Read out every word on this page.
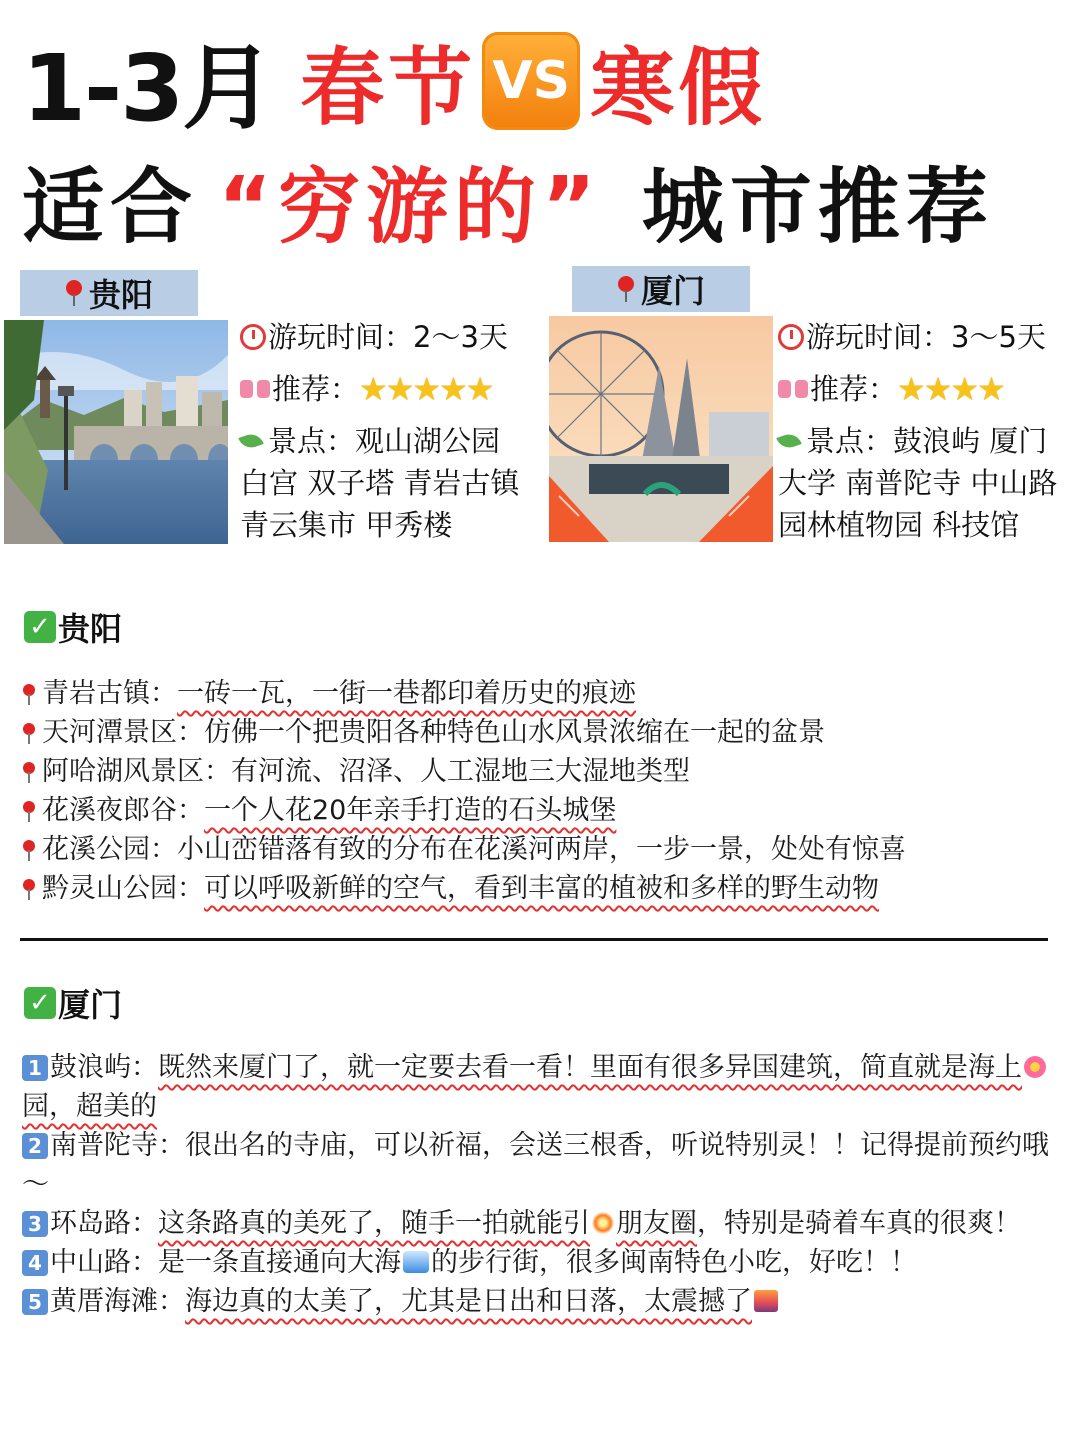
1-3月 春节 VS 寒假
适合 “穷游的” 城市推荐
贵阳
游玩时间：2～3天
推荐： ★★★★★
景点：观山湖公园
白宫 双子塔 青岩古镇
青云集市 甲秀楼
厦门
游玩时间：3～5天
推荐： ★★★★
景点：鼓浪屿 厦门
大学 南普陀寺 中山路
园林植物园 科技馆
✓ 贵阳
青岩古镇： 一砖一瓦，一街一巷都印着历史的痕迹
天河潭景区： 仿佛一个把贵阳各种特色山水风景浓缩在一起的盆景
阿哈湖风景区： 有河流、沼泽、人工湿地三大湿地类型
花溪夜郎谷： 一个人花20年亲手打造的石头城堡
花溪公园： 小山峦错落有致的分布在花溪河两岸，一步一景，处处有惊喜
黔灵山公园： 可以呼吸新鲜的空气，看到丰富的植被和多样的野生动物
✓ 厦门

1 鼓浪屿：既然来厦门了，就一定要去看一看！里面有很多异国建筑，简直就是海上园，超美的

2 南普陀寺：很出名的寺庙，可以祈福，会送三根香，听说特别灵！！记得提前预约哦～

3 环岛路：这条路真的美死了，随手一拍就能引 朋友圈，特别是骑着车真的很爽！

4 中山路：是一条直接通向大海 的步行街，很多闽南特色小吃，好吃！！

5 黄厝海滩：海边真的太美了，尤其是日出和日落，太震撼了
